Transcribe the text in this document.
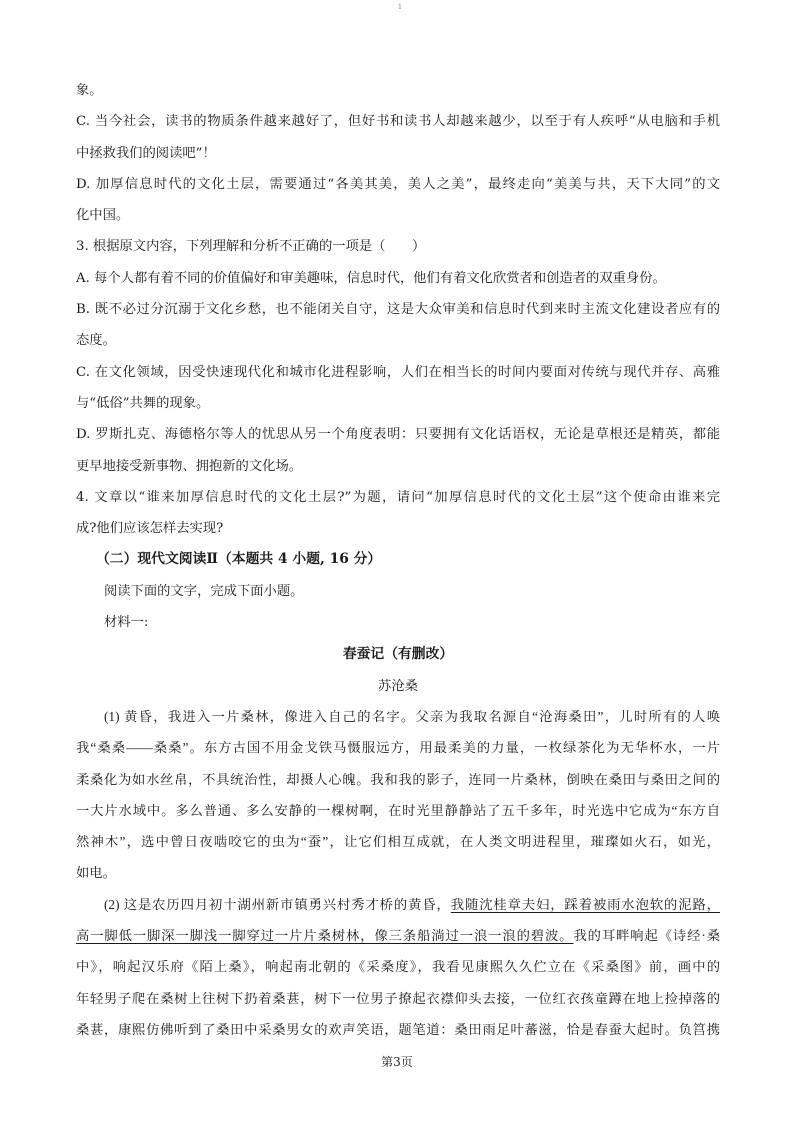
1
象。
C. 当今社会，读书的物质条件越来越好了，但好书和读书人却越来越少，以至于有人疾呼“从电脑和手机
中拯救我们的阅读吧”！
D. 加厚信息时代的文化土层，需要通过“各美其美，美人之美”，最终走向“美美与共，天下大同”的文
化中国。
3. 根据原文内容，下列理解和分析不正确的一项是（　　）
A. 每个人都有着不同的价值偏好和审美趣味，信息时代，他们有着文化欣赏者和创造者的双重身份。
B. 既不必过分沉溺于文化乡愁，也不能闭关自守，这是大众审美和信息时代到来时主流文化建设者应有的
态度。
C. 在文化领域，因受快速现代化和城市化进程影响，人们在相当长的时间内要面对传统与现代并存、高雅
与“低俗”共舞的现象。
D. 罗斯扎克、海德格尔等人的忧思从另一个角度表明：只要拥有文化话语权，无论是草根还是精英，都能
更早地接受新事物、拥抱新的文化场。
4. 文章以“谁来加厚信息时代的文化土层?”为题，请问“加厚信息时代的文化土层”这个使命由谁来完
成?他们应该怎样去实现?
（二）现代文阅读Ⅱ（本题共 4 小题, 16 分）
阅读下面的文字，完成下面小题。
材料一:
春蚕记（有删改）
苏沧桑
(1) 黄昏，我进入一片桑林，像进入自己的名字。父亲为我取名源自“沧海桑田”，儿时所有的人唤
我“桑桑——桑桑”。东方古国不用金戈铁马慑服远方，用最柔美的力量，一枚绿茶化为无华杯水，一片
柔桑化为如水丝帛，不具统治性，却摄人心魄。我和我的影子，连同一片桑林，倒映在桑田与桑田之间的
一大片水域中。多么普通、多么安静的一棵树啊，在时光里静静站了五千多年，时光选中它成为“东方自
然神木”，选中曾日夜啮咬它的虫为“蚕”，让它们相互成就，在人类文明进程里，璀璨如火石，如光，
如电。
(2) 这是农历四月初十湖州新市镇勇兴村秀才桥的黄昏，我随沈桂章夫妇，踩着被雨水泡软的泥路，
高一脚低一脚深一脚浅一脚穿过一片片桑树林，像三条船淌过一浪一浪的碧波。我的耳畔响起《诗经·桑
中》，响起汉乐府《陌上桑》，响起南北朝的《采桑度》，我看见康熙久久伫立在《采桑图》前，画中的
年轻男子爬在桑树上往树下扔着桑葚，树下一位男子撩起衣襟仰头去接，一位红衣孩童蹲在地上捡掉落的
桑葚，康熙仿佛听到了桑田中采桑男女的欢声笑语，题笔道：桑田雨足叶蕃滋，恰是春蚕大起时。负筥携
第3页
